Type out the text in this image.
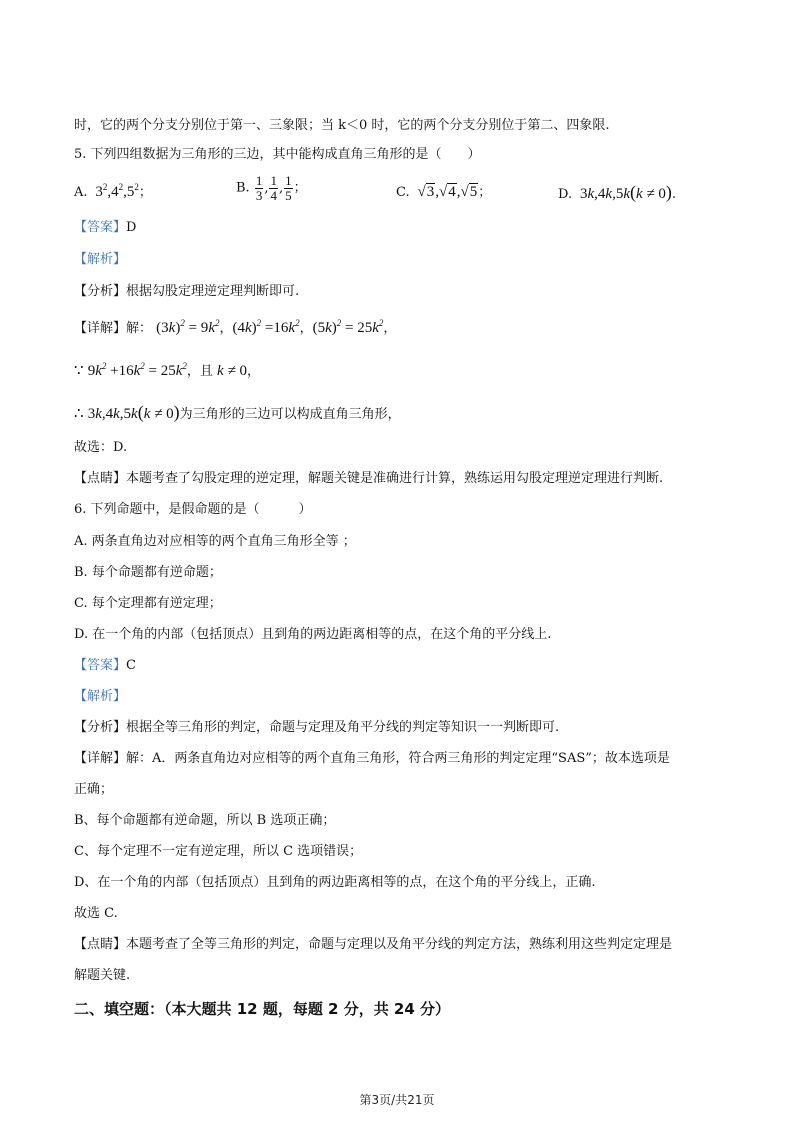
时，它的两个分支分别位于第一、三象限；当 k＜0 时，它的两个分支分别位于第二、四象限.
5. 下列四组数据为三角形的三边，其中能构成直角三角形的是（　　）
A.  $3^2,4^2,5^2$；	B. $\frac{1}{3}$ , $\frac{1}{4}$ , $\frac{1}{5}$ ；	C.  √3,√4,√5；	D. 3k,4k,5k(k ≠ 0).
【答案】D
【解析】
【分析】根据勾股定理逆定理判断即可.
【详解】解： $(3k)^2 = 9k^2$，$(4k)^2 =16k^2$，$(5k)^2 = 25k^2$，
∵ $9k^2 +16k^2 = 25k^2$，且 k ≠ 0，
∴ 3k,4k,5k(k ≠ 0)为三角形的三边可以构成直角三角形，
故选：D.
【点睛】本题考查了勾股定理的逆定理，解题关键是准确进行计算，熟练运用勾股定理逆定理进行判断.
6. 下列命题中，是假命题的是（　　　）
A. 两条直角边对应相等的两个直角三角形全等 ；
B. 每个命题都有逆命题；
C. 每个定理都有逆定理；
D. 在一个角的内部（包括顶点）且到角的两边距离相等的点，在这个角的平分线上.
【答案】C
【解析】
【分析】根据全等三角形的判定，命题与定理及角平分线的判定等知识一一判断即可.
【详解】解：A．两条直角边对应相等的两个直角三角形，符合两三角形的判定定理“SAS”；故本选项是
正确；
B、每个命题都有逆命题，所以 B 选项正确；
C、每个定理不一定有逆定理，所以 C 选项错误；
D、在一个角的内部（包括顶点）且到角的两边距离相等的点，在这个角的平分线上，正确.
故选 C.
【点睛】本题考查了全等三角形的判定，命题与定理以及角平分线的判定方法，熟练利用这些判定定理是
解题关键.
二、填空题：（本大题共 12 题，每题 2 分，共 24 分）
第3页/共21页
